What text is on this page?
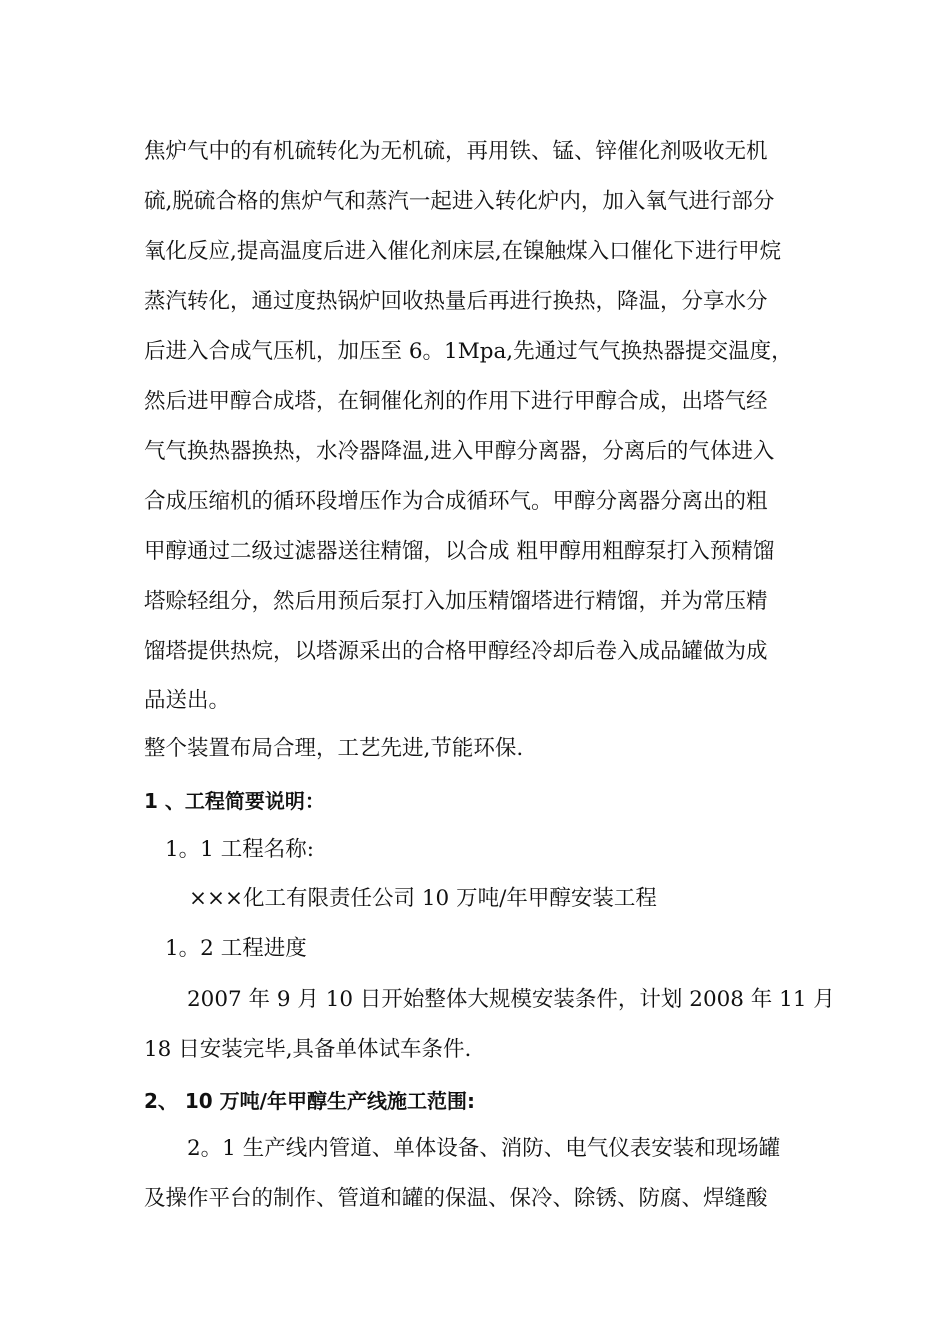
焦炉气中的有机硫转化为无机硫，再用铁、锰、锌催化剂吸收无机
硫,脱硫合格的焦炉气和蒸汽一起进入转化炉内，加入氧气进行部分
氧化反应,提高温度后进入催化剂床层,在镍触煤入口催化下进行甲烷
蒸汽转化，通过度热锅炉回收热量后再进行换热，降温，分享水分
后进入合成气压机，加压至 6。1Mpa,先通过气气换热器提交温度，
然后进甲醇合成塔，在铜催化剂的作用下进行甲醇合成，出塔气经
气气换热器换热，水冷器降温,进入甲醇分离器，分离后的气体进入
合成压缩机的循环段增压作为合成循环气。甲醇分离器分离出的粗
甲醇通过二级过滤器送往精馏，以合成 粗甲醇用粗醇泵打入预精馏
塔赊轻组分，然后用预后泵打入加压精馏塔进行精馏，并为常压精
馏塔提供热烷，以塔源采出的合格甲醇经冷却后卷入成品罐做为成
品送出。
整个装置布局合理，工艺先进,节能环保.
1 、工程简要说明：
1。1 工程名称:
×××化工有限责任公司 10 万吨/年甲醇安装工程
1。2 工程进度
2007 年 9 月 10 日开始整体大规模安装条件，计划 2008 年 11 月
18 日安装完毕,具备单体试车条件.
2、 10 万吨/年甲醇生产线施工范围:
2。1 生产线内管道、单体设备、消防、电气仪表安装和现场罐
及操作平台的制作、管道和罐的保温、保冷、除锈、防腐、焊缝酸
